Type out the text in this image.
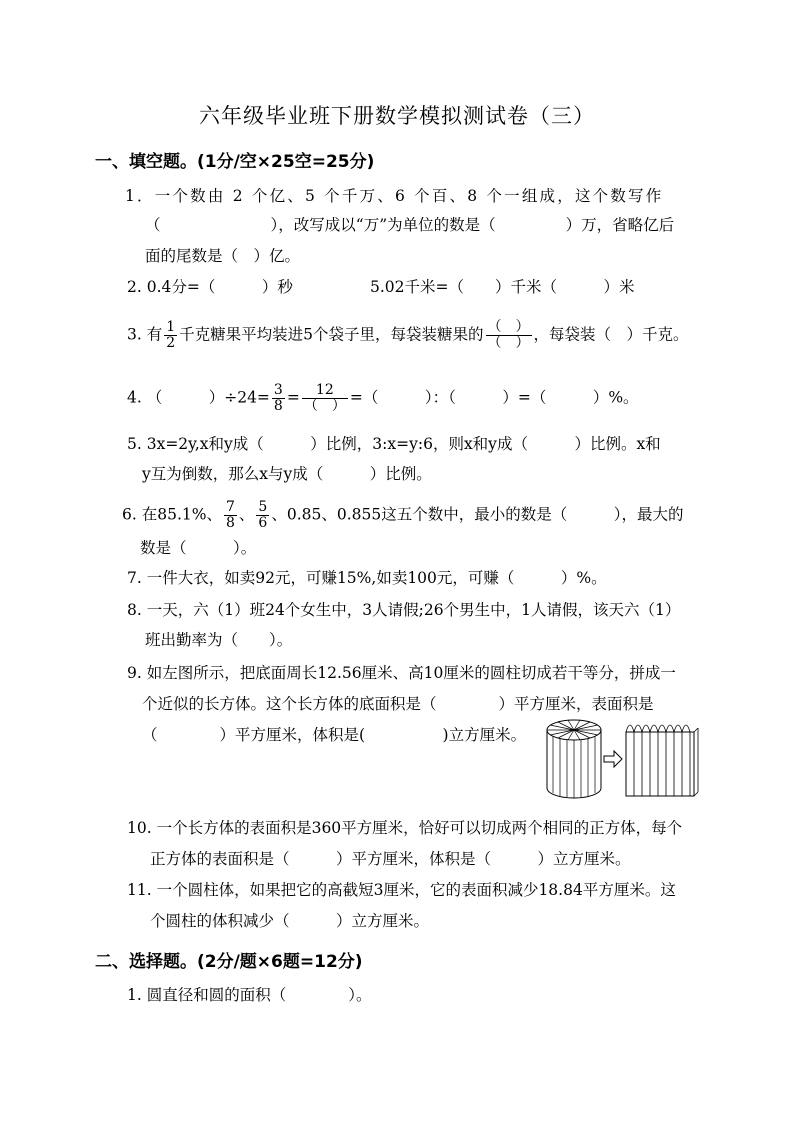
六年级毕业班下册数学模拟测试卷（三）
一、填空题。(1分/空×25空=25分)
1．一个数由 2 个亿、5 个千万、6 个百、8 个一组成，这个数写作
（	），改写成以“万”为单位的数是（	）万，省略亿后
面的尾数是（　）亿。
2. 0.4分=（　　　）秒	5.02千米=（　　）千米（　　　）米
3. 有 $\frac{1}{2}$ 千克糖果平均装进5个袋子里，每袋装糖果的 $\frac{( )}{( )}$ ，每袋装（　）千克。
4. （　　　）$\div 24= \frac{3}{8} = \frac{12}{( )}$ =（　　　）：（　　　）=（　　　）%。
5. 3x=2y,x和y成（　　　）比例，3:x=y:6，则x和y成（　　　）比例。x和
y互为倒数，那么x与y成（　　　）比例。
6. 在85.1%、 $\frac{7}{8}$ 、 $\frac{5}{6}$ 、0.85、0.855这五个数中，最小的数是（　　　），最大的
数是（　　　）。
7. 一件大衣，如卖92元，可赚15%,如卖100元，可赚（　　　）%。
8. 一天，六（1）班24个女生中，3人请假;26个男生中，1人请假，该天六（1）
班出勤率为（　　）。
9. 如左图所示，把底面周长12.56厘米、高10厘米的圆柱切成若干等分，拼成一
个近似的长方体。这个长方体的底面积是（　　　　）平方厘米，表面积是
（　　　　）平方厘米，体积是(　　　　　)立方厘米。
10. 一个长方体的表面积是360平方厘米，恰好可以切成两个相同的正方体，每个
正方体的表面积是（　　　）平方厘米，体积是（　　　）立方厘米。
11. 一个圆柱体，如果把它的高截短3厘米，它的表面积减少18.84平方厘米。这
个圆柱的体积减少（　　　）立方厘米。
二、选择题。(2分/题×6题=12分)
1. 圆直径和圆的面积（　　　　）。
